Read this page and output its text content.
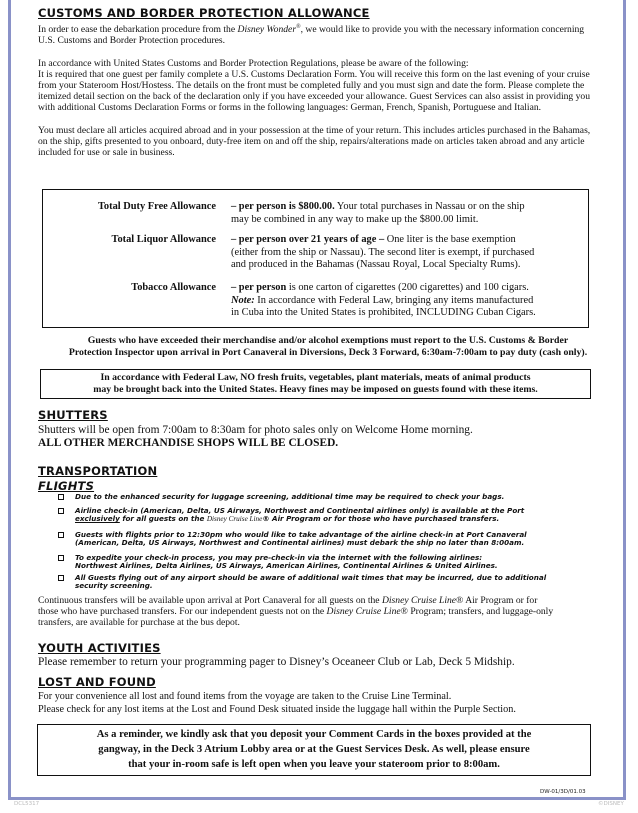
CUSTOMS AND BORDER PROTECTION ALLOWANCE

In order to ease the debarkation procedure from the Disney Wonder®, we would like to provide you with the necessary information concerning

U.S. Customs and Border Protection procedures.

In accordance with United States Customs and Border Protection Regulations, please be aware of the following:

It is required that one guest per family complete a U.S. Customs Declaration Form. You will receive this form on the last evening of your cruise

from your Stateroom Host/Hostess. The details on the front must be completed fully and you must sign and date the form. Please complete the

itemized detail section on the back of the declaration only if you have exceeded your allowance. Guest Services can also assist in providing you

with additional Customs Declaration Forms or forms in the following languages: German, French, Spanish, Portuguese and Italian.

You must declare all articles acquired abroad and in your possession at the time of your return. This includes articles purchased in the Bahamas,

on the ship, gifts presented to you onboard, duty-free item on and off the ship, repairs/alterations made on articles taken abroad and any article

included for use or sale in business.

Total Duty Free Allowance – per person is $800.00. Your total purchases in Nassau or on the ship
may be combined in any way to make up the $800.00 limit.
Total Liquor Allowance – per person over 21 years of age – One liter is the base exemption
(either from the ship or Nassau). The second liter is exempt, if purchased
and produced in the Bahamas (Nassau Royal, Local Specialty Rums).
Tobacco Allowance – per person is one carton of cigarettes (200 cigarettes) and 100 cigars.
Note: In accordance with Federal Law, bringing any items manufactured
in Cuba into the United States is prohibited, INCLUDING Cuban Cigars.
Guests who have exceeded their merchandise and/or alcohol exemptions must report to the U.S. Customs & Border
Protection Inspector upon arrival in Port Canaveral in Diversions, Deck 3 Forward, 6:30am-7:00am to pay duty (cash only).
In accordance with Federal Law, NO fresh fruits, vegetables, plant materials, meats of animal products
may be brought back into the United States. Heavy fines may be imposed on guests found with these items.

SHUTTERS

Shutters will be open from 7:00am to 8:30am for photo sales only on Welcome Home morning.

ALL OTHER MERCHANDISE SHOPS WILL BE CLOSED.

TRANSPORTATION

FLIGHTS

Due to the enhanced security for luggage screening, additional time may be required to check your bags.
Airline check-in (American, Delta, US Airways, Northwest and Continental airlines only) is available at the Port
exclusively for all guests on the Disney Cruise Line® Air Program or for those who have purchased transfers.
Guests with flights prior to 12:30pm who would like to take advantage of the airline check-in at Port Canaveral
(American, Delta, US Airways, Northwest and Continental airlines) must debark the ship no later than 8:00am.
To expedite your check-in process, you may pre-check-in via the internet with the following airlines:
Northwest Airlines, Delta Airlines, US Airways, American Airlines, Continental Airlines & United Airlines.
All Guests flying out of any airport should be aware of additional wait times that may be incurred, due to additional
security screening.

Continuous transfers will be available upon arrival at Port Canaveral for all guests on the Disney Cruise Line® Air Program or for

those who have purchased transfers. For our independent guests not on the Disney Cruise Line® Program; transfers, and luggage-only

transfers, are available for purchase at the bus depot.

YOUTH ACTIVITIES

Please remember to return your programming pager to Disney’s Oceaneer Club or Lab, Deck 5 Midship.

LOST AND FOUND

For your convenience all lost and found items from the voyage are taken to the Cruise Line Terminal.

Please check for any lost items at the Lost and Found Desk situated inside the luggage hall within the Purple Section.

As a reminder, we kindly ask that you deposit your Comment Cards in the boxes provided at the
gangway, in the Deck 3 Atrium Lobby area or at the Guest Services Desk. As well, please ensure
that your in-room safe is left open when you leave your stateroom prior to 8:00am.
DW-01/3D/01.03
DCL5317	©DISNEY
